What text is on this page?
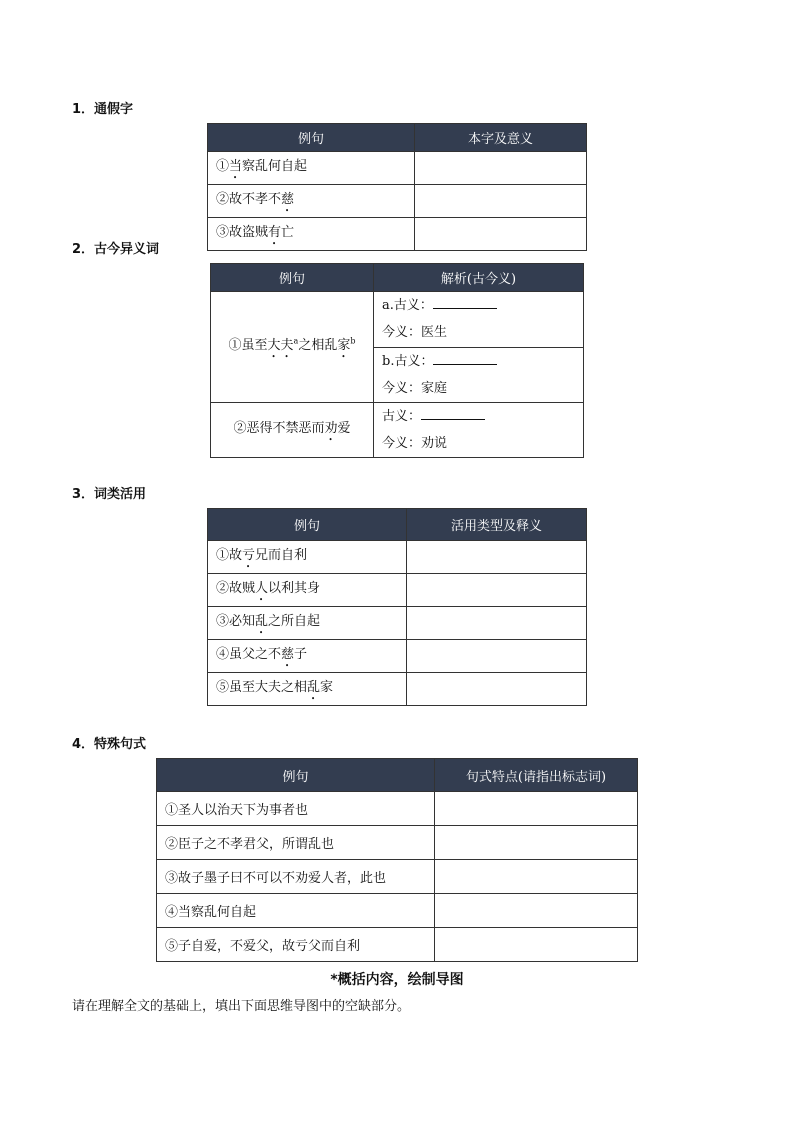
1．通假字
例句	本字及意义
①当察乱何自起	
②故不孝不慈	
③故盗贼有亡	
2．古今异义词
例句	解析(古今义)
①虽至大夫$^a$之相乱家$^b$	a.古义：
今义：医生

	b.古义：
今义：家庭

②恶得不禁恶而劝爱	古义：
今义：劝说
3．词类活用
例句	活用类型及释义
①故亏兄而自利	
②故贼人以利其身	
③必知乱之所自起	
④虽父之不慈子	
⑤虽至大夫之相乱家	
4．特殊句式
例句	句式特点(请指出标志词)
①圣人以治天下为事者也	
②臣子之不孝君父，所谓乱也	
③故子墨子曰不可以不劝爱人者，此也	
④当察乱何自起	
⑤子自爱，不爱父，故亏父而自利	
*概括内容，绘制导图
请在理解全文的基础上，填出下面思维导图中的空缺部分。
